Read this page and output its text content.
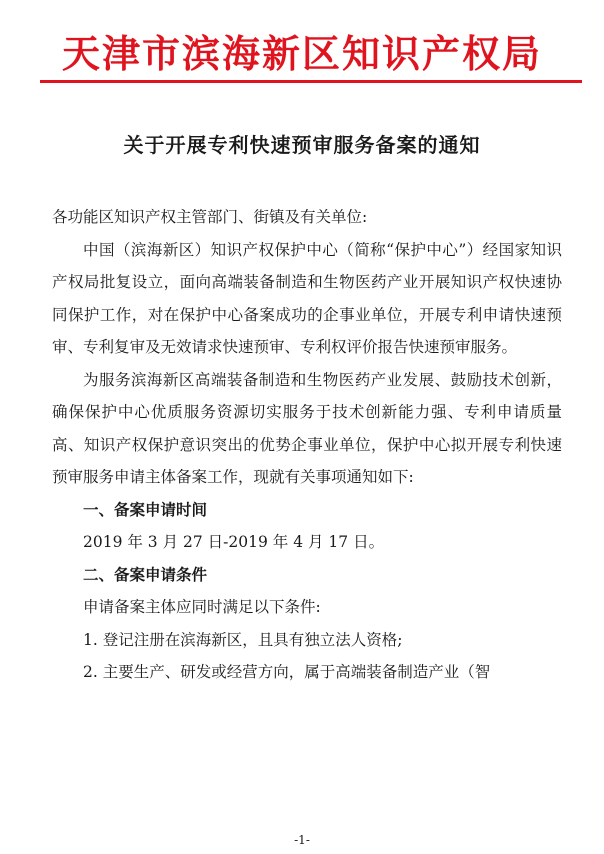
天津市滨海新区知识产权局
关于开展专利快速预审服务备案的通知

各功能区知识产权主管部门、街镇及有关单位:

中国（滨海新区）知识产权保护中心（简称“保护中心”）经国家知识产权局批复设立，面向高端装备制造和生物医药产业开展知识产权快速协同保护工作，对在保护中心备案成功的企事业单位，开展专利申请快速预审、专利复审及无效请求快速预审、专利权评价报告快速预审服务。

为服务滨海新区高端装备制造和生物医药产业发展、鼓励技术创新，确保保护中心优质服务资源切实服务于技术创新能力强、专利申请质量高、知识产权保护意识突出的优势企事业单位，保护中心拟开展专利快速预审服务申请主体备案工作，现就有关事项通知如下:

一、备案申请时间

2019 年 3 月 27 日-2019 年 4 月 17 日。

二、备案申请条件

申请备案主体应同时满足以下条件:

1. 登记注册在滨海新区，且具有独立法人资格;

2. 主要生产、研发或经营方向，属于高端装备制造产业（智

-1-
